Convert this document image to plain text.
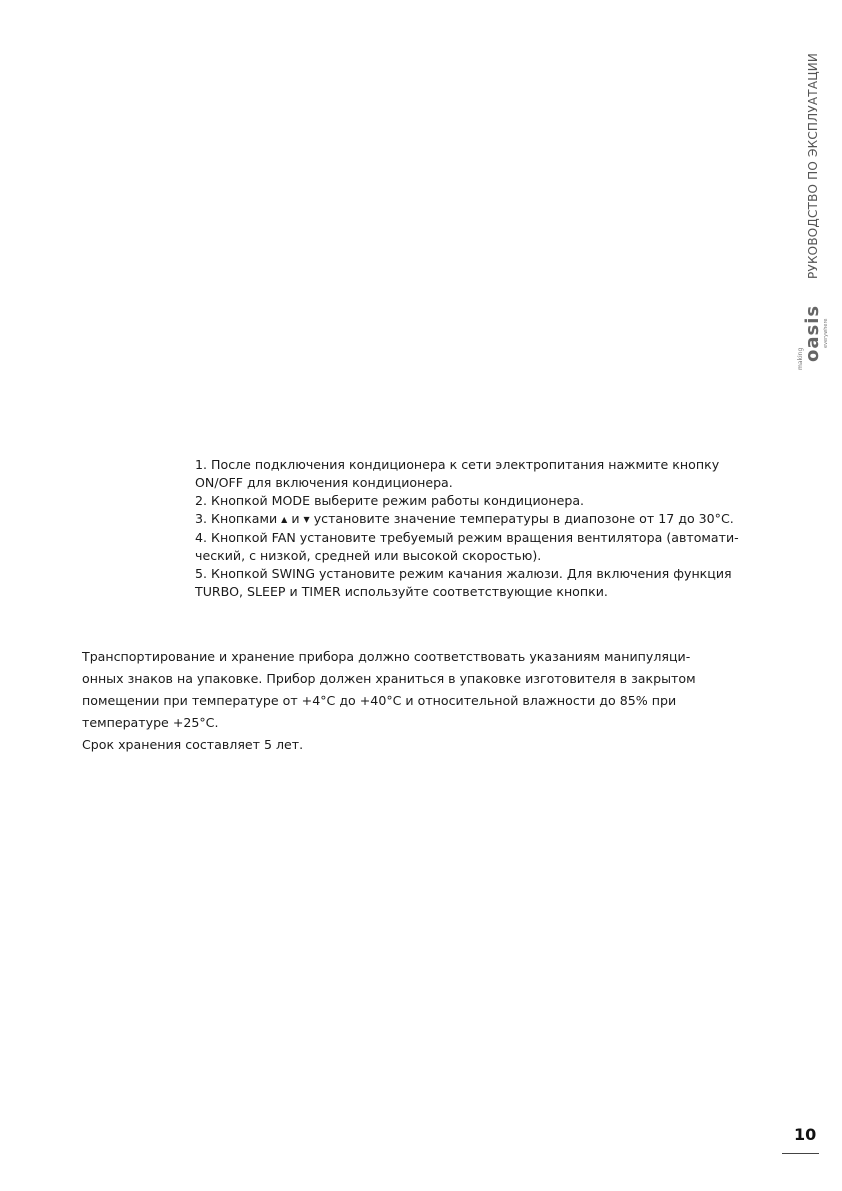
РУКОВОДСТВО ПО ЭКСПЛУАТАЦИИ
making
oasis everywhere
1. После подключения кондиционера к сети электропитания нажмите кнопку
ON/OFF для включения кондиционера.
2. Кнопкой MODE выберите режим работы кондиционера.
3. Кнопками ▲ и ▼ установите значение температуры в диапозоне от 17 до 30°С.
4. Кнопкой FAN установите требуемый режим вращения вентилятора (автомати-
ческий, с низкой, средней или высокой скоростью).
5. Кнопкой SWING установите режим качания жалюзи. Для включения функция
TURBO, SLEEP и TIMER используйте соответствующие кнопки.
Транспортирование и хранение прибора должно соответствовать указаниям манипуляци-
онных знаков на упаковке. Прибор должен храниться в упаковке изготовителя в закрытом
помещении при температуре от +4°С до +40°С и относительной влажности до 85% при
температуре +25°С.
Срок хранения составляет 5 лет.
10
